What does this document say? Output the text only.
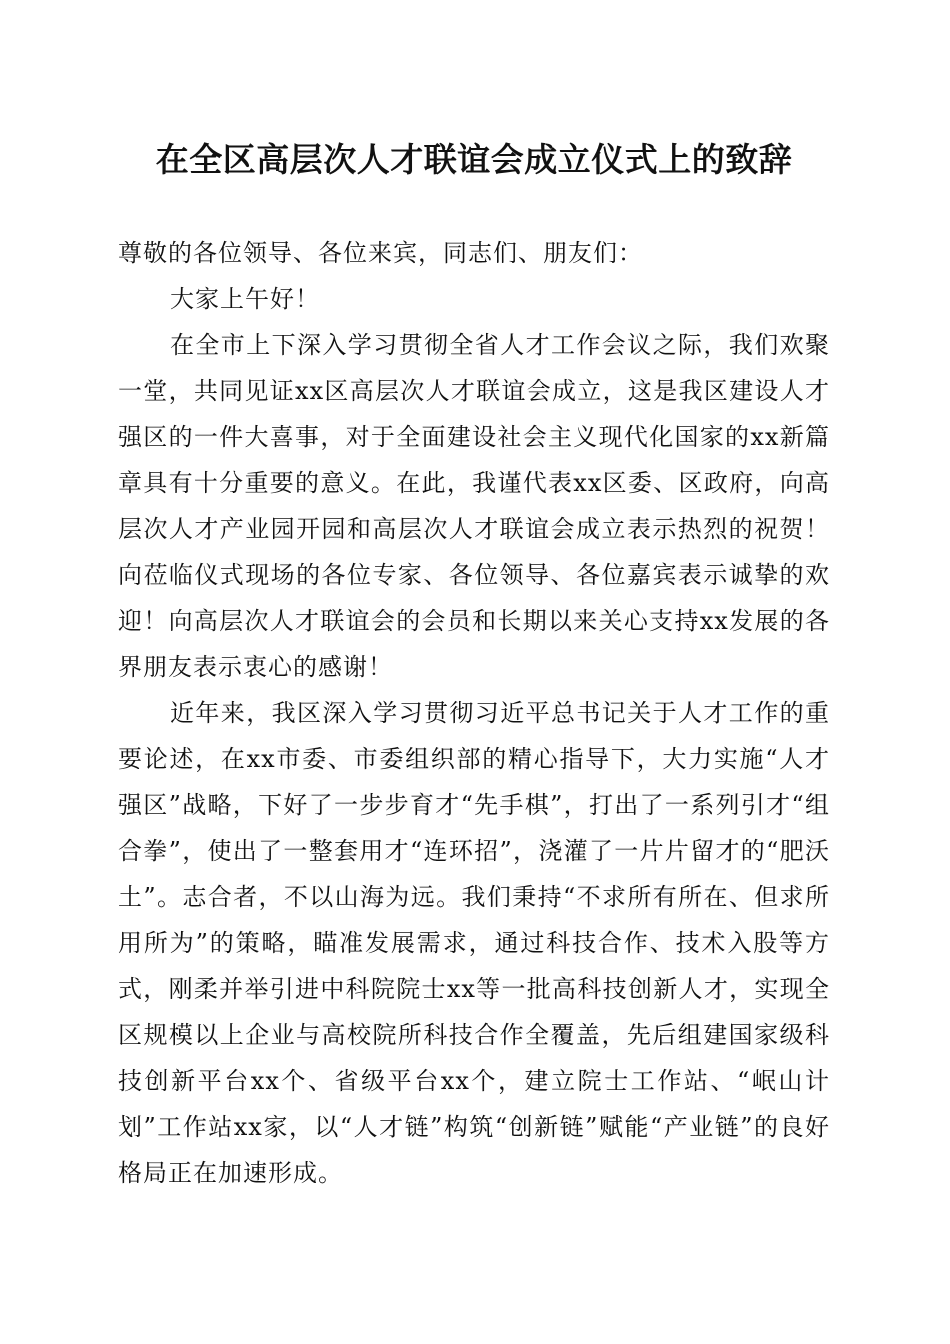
在全区高层次人才联谊会成立仪式上的致辞

尊敬的各位领导、各位来宾，同志们、朋友们：

大家上午好！

在全市上下深入学习贯彻全省人才工作会议之际，我们欢聚一堂，共同见证xx区高层次人才联谊会成立，这是我区建设人才强区的一件大喜事，对于全面建设社会主义现代化国家的xx新篇章具有十分重要的意义。在此，我谨代表xx区委、区政府，向高层次人才产业园开园和高层次人才联谊会成立表示热烈的祝贺！向莅临仪式现场的各位专家、各位领导、各位嘉宾表示诚挚的欢迎！向高层次人才联谊会的会员和长期以来关心支持xx发展的各界朋友表示衷心的感谢！

近年来，我区深入学习贯彻习近平总书记关于人才工作的重要论述，在xx市委、市委组织部的精心指导下，大力实施“人才强区”战略，下好了一步步育才“先手棋”，打出了一系列引才“组合拳”，使出了一整套用才“连环招”，浇灌了一片片留才的“肥沃土”。志合者，不以山海为远。我们秉持“不求所有所在、但求所用所为”的策略，瞄准发展需求，通过科技合作、技术入股等方式，刚柔并举引进中科院院士xx等一批高科技创新人才，实现全区规模以上企业与高校院所科技合作全覆盖，先后组建国家级科技创新平台xx个、省级平台xx个，建立院士工作站、“岷山计划”工作站xx家，以“人才链”构筑“创新链”赋能“产业链”的良好格局正在加速形成。
